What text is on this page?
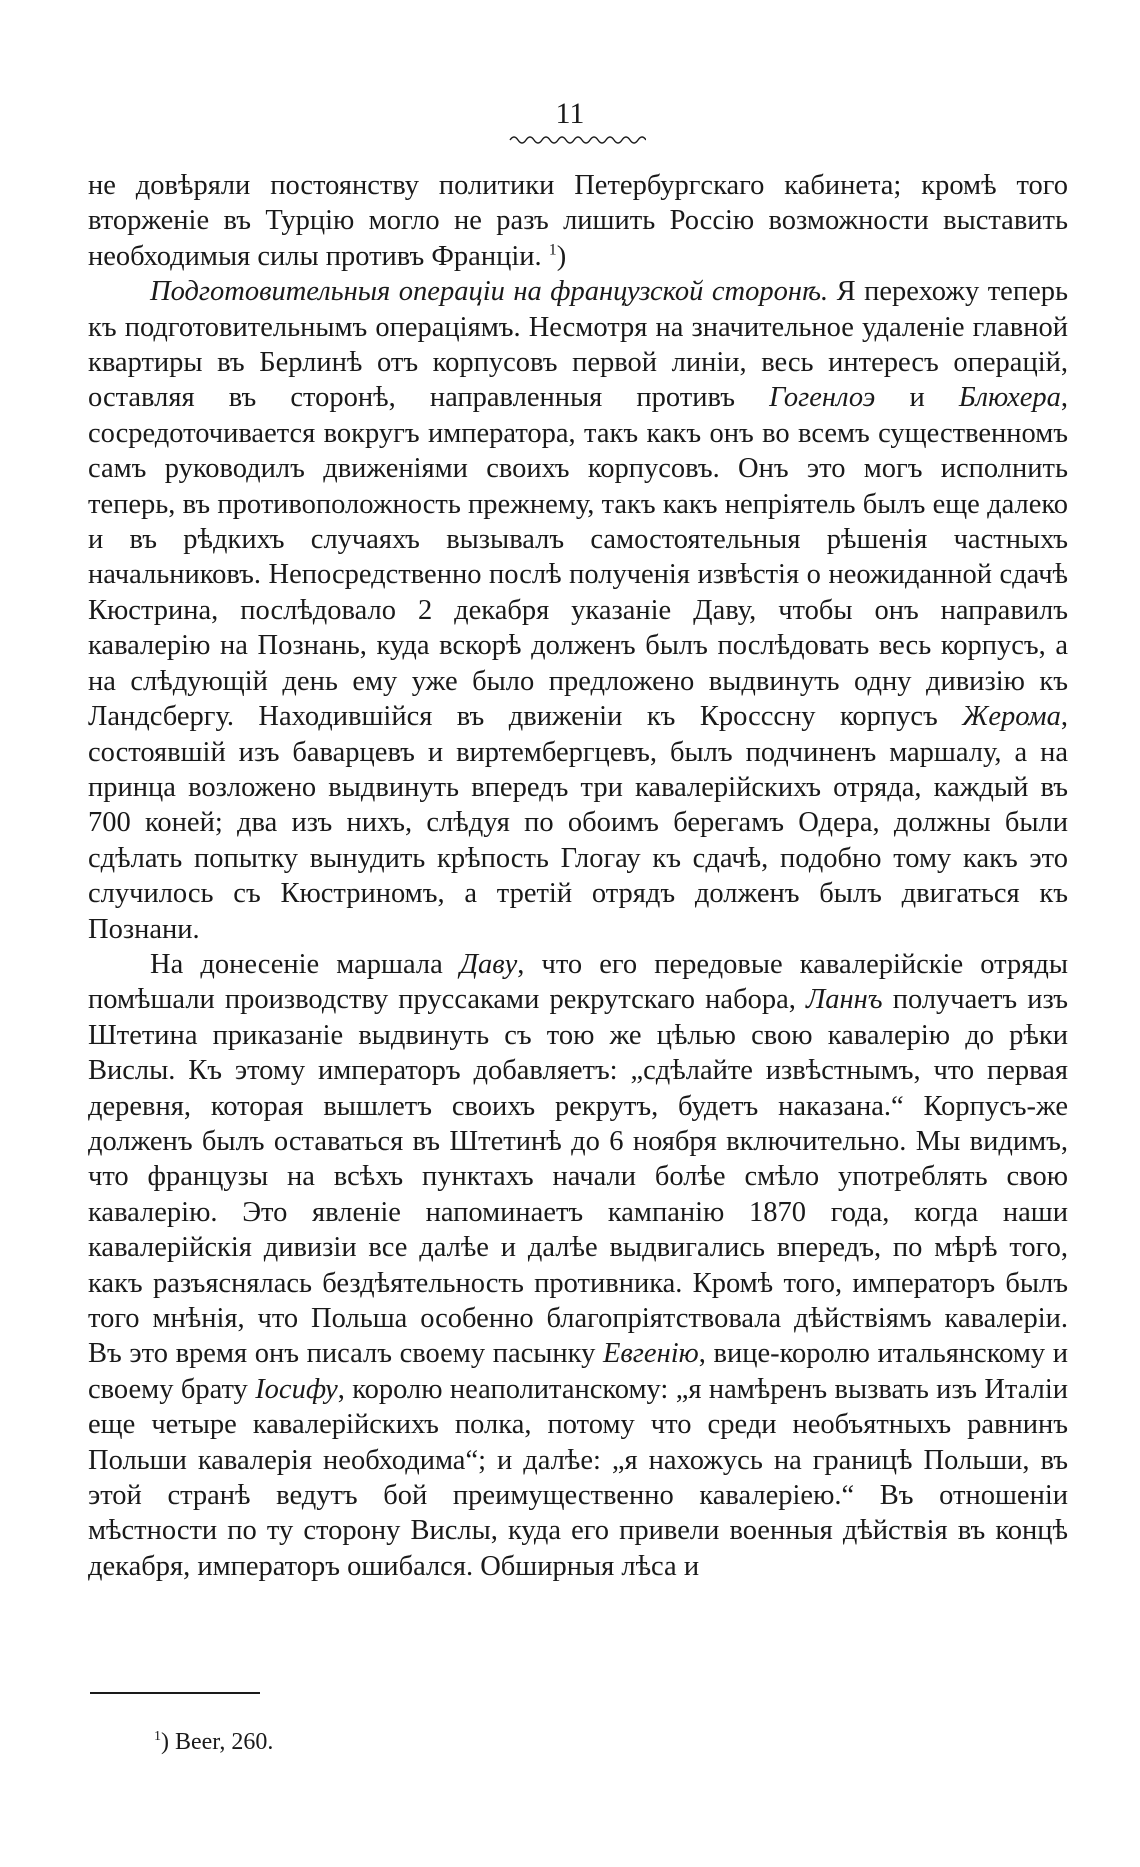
11

не довѣряли постоянству политики Петербургскаго кабинета; кромѣ того вторженіе въ Турцію могло не разъ лишить Россію возможности выставить необходимыя силы противъ Франціи. $^1$)

Подготовительныя операціи на французской сторонѣ. Я перехожу теперь къ подготовительнымъ операціямъ. Несмотря на значительное удаленіе главной квартиры въ Берлинѣ отъ корпусовъ первой линіи, весь интересъ операцій, оставляя въ сторонѣ, направленныя противъ Гогенлоэ и Блюхера, сосредоточивается вокругъ императора, такъ какъ онъ во всемъ существенномъ самъ руководилъ движеніями своихъ корпусовъ. Онъ это могъ исполнить теперь, въ противоположность прежнему, такъ какъ непріятель былъ еще далеко и въ рѣдкихъ случаяхъ вызывалъ самостоятельныя рѣшенія частныхъ начальниковъ. Непосредственно послѣ полученія извѣстія о неожиданной сдачѣ Кюстрина, послѣдовало 2 декабря указаніе Даву, чтобы онъ направилъ кавалерію на Познань, куда вскорѣ долженъ былъ послѣдовать весь корпусъ, а на слѣдующій день ему уже было предложено выдвинуть одну дивизію къ Ландсбергу. Находившійся въ движеніи къ Кросссну корпусъ Жерома, состоявшій изъ баварцевъ и виртембергцевъ, былъ подчиненъ маршалу, а на принца возложено выдвинуть впередъ три кавалерійскихъ отряда, каждый въ 700 коней; два изъ нихъ, слѣдуя по обоимъ берегамъ Одера, должны были сдѣлать попытку вынудить крѣпость Глогау къ сдачѣ, подобно тому какъ это случилось съ Кюстриномъ, а третій отрядъ долженъ былъ двигаться къ Познани.

На донесеніе маршала Даву, что его передовые кавалерійскіе отряды помѣшали производству пруссаками рекрутскаго набора, Ланнъ получаетъ изъ Штетина приказаніе выдвинуть съ тою же цѣлью свою кавалерію до рѣки Вислы. Къ этому императоръ добавляетъ: „сдѣлайте извѣстнымъ, что первая деревня, которая вышлетъ своихъ рекрутъ, будетъ наказана.“ Корпусъ-же долженъ былъ оставаться въ Штетинѣ до 6 ноября включительно. Мы видимъ, что французы на всѣхъ пунктахъ начали болѣе смѣло употреблять свою кавалерію. Это явленіе напоминаетъ кампанію 1870 года, когда наши кавалерійскія дивизіи все далѣе и далѣе выдвигались впередъ, по мѣрѣ того, какъ разъяснялась бездѣятельность противника. Кромѣ того, императоръ былъ того мнѣнія, что Польша особенно благопріятствовала дѣйствіямъ кавалеріи. Въ это время онъ писалъ своему пасынку Евгенію, вице-королю итальянскому и своему брату Іосифу, королю неаполитанскому: „я намѣренъ вызвать изъ Италіи еще четыре кавалерійскихъ полка, потому что среди необъятныхъ равнинъ Польши кавалерія необходима“; и далѣе: „я нахожусь на границѣ Польши, въ этой странѣ ведутъ бой преимущественно кавалеріею.“ Въ отношеніи мѣстности по ту сторону Вислы, куда его привели военныя дѣйствія въ концѣ декабря, императоръ ошибался. Обширныя лѣса и

$^1$) Beer, 260.
